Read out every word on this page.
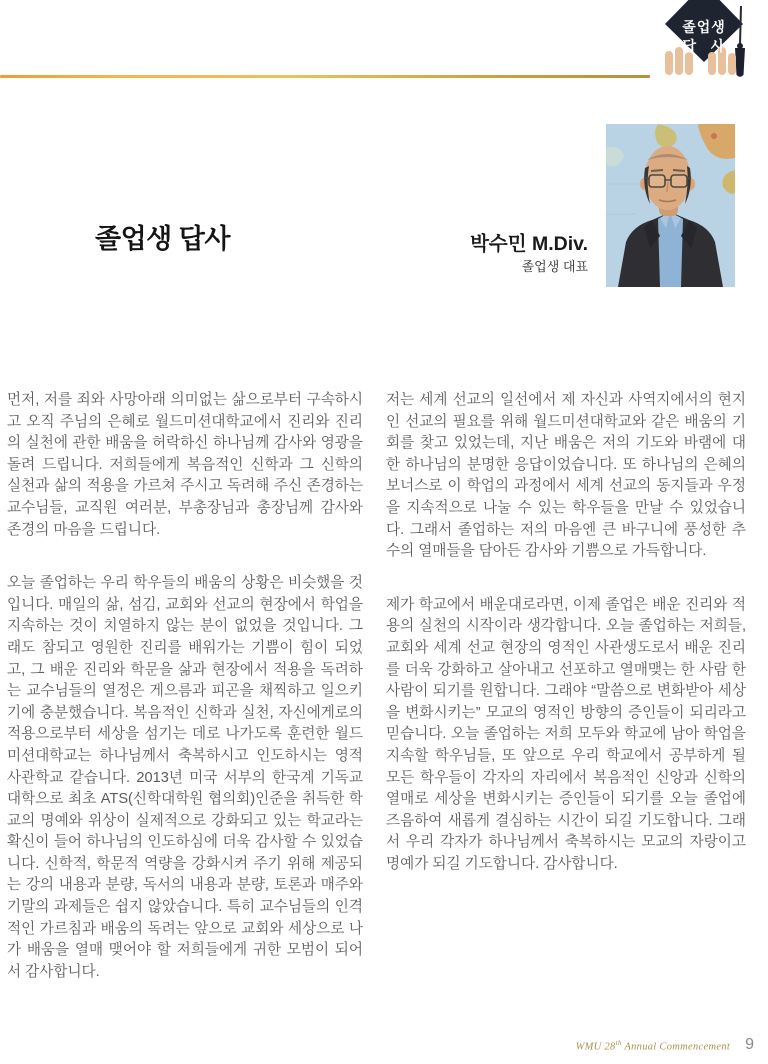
졸업생
답 사
졸업생 답사	박수민 M.Div.
졸업생 대표

먼저, 저를 죄와 사망아래 의미없는 삶으로부터 구속하시고 오직 주님의 은혜로 월드미션대학교에서 진리와 진리의 실천에 관한 배움을 허락하신 하나님께 감사와 영광을 돌려 드립니다. 저희들에게 복음적인 신학과 그 신학의 실천과 삶의 적용을 가르쳐 주시고 독려해 주신 존경하는 교수님들, 교직원 여러분, 부총장님과 총장님께 감사와 존경의 마음을 드립니다.

오늘 졸업하는 우리 학우들의 배움의 상황은 비슷했을 것입니다. 매일의 삶, 섬김, 교회와 선교의 현장에서 학업을 지속하는 것이 치열하지 않는 분이 없었을 것입니다. 그래도 참되고 영원한 진리를 배워가는 기쁨이 힘이 되었고, 그 배운 진리와 학문을 삶과 현장에서 적용을 독려하는 교수님들의 열정은 게으름과 피곤을 채찍하고 일으키기에 충분했습니다. 복음적인 신학과 실천, 자신에게로의 적용으로부터 세상을 섬기는 데로 나가도록 훈련한 월드미션대학교는 하나님께서 축복하시고 인도하시는 영적 사관학교 같습니다. 2013년 미국 서부의 한국계 기독교 대학으로 최초 ATS(신학대학원 협의회)인준을 취득한 학교의 명예와 위상이 실제적으로 강화되고 있는 학교라는 확신이 들어 하나님의 인도하심에 더욱 감사할 수 있었습니다. 신학적, 학문적 역량을 강화시켜 주기 위해 제공되는 강의 내용과 분량, 독서의 내용과 분량, 토론과 매주와 기말의 과제들은 쉽지 않았습니다. 특히 교수님들의 인격적인 가르침과 배움의 독려는 앞으로 교회와 세상으로 나가 배움을 열매 맺어야 할 저희들에게 귀한 모범이 되어서 감사합니다.

저는 세계 선교의 일선에서 제 자신과 사역지에서의 현지인 선교의 필요를 위해 월드미션대학교와 같은 배움의 기회를 찾고 있었는데, 지난 배움은 저의 기도와 바램에 대한 하나님의 분명한 응답이었습니다. 또 하나님의 은혜의 보너스로 이 학업의 과정에서 세계 선교의 동지들과 우정을 지속적으로 나눌 수 있는 학우들을 만날 수 있었습니다. 그래서 졸업하는 저의 마음엔 큰 바구니에 풍성한 추수의 열매들을 담아든 감사와 기쁨으로 가득합니다.

제가 학교에서 배운대로라면, 이제 졸업은 배운 진리와 적용의 실천의 시작이라 생각합니다. 오늘 졸업하는 저희들, 교회와 세계 선교 현장의 영적인 사관생도로서 배운 진리를 더욱 강화하고 살아내고 선포하고 열매맺는 한 사람 한 사람이 되기를 원합니다. 그래야 “말씀으로 변화받아 세상을 변화시키는” 모교의 영적인 방향의 증인들이 되리라고 믿습니다. 오늘 졸업하는 저희 모두와 학교에 남아 학업을 지속할 학우님들, 또 앞으로 우리 학교에서 공부하게 될 모든 학우들이 각자의 자리에서 복음적인 신앙과 신학의 열매로 세상을 변화시키는 증인들이 되기를 오늘 졸업에 즈음하여 새롭게 결심하는 시간이 되길 기도합니다. 그래서 우리 각자가 하나님께서 축복하시는 모교의 자랑이고 명예가 되길 기도합니다. 감사합니다.

WMU 28th Annual Commencement 9
